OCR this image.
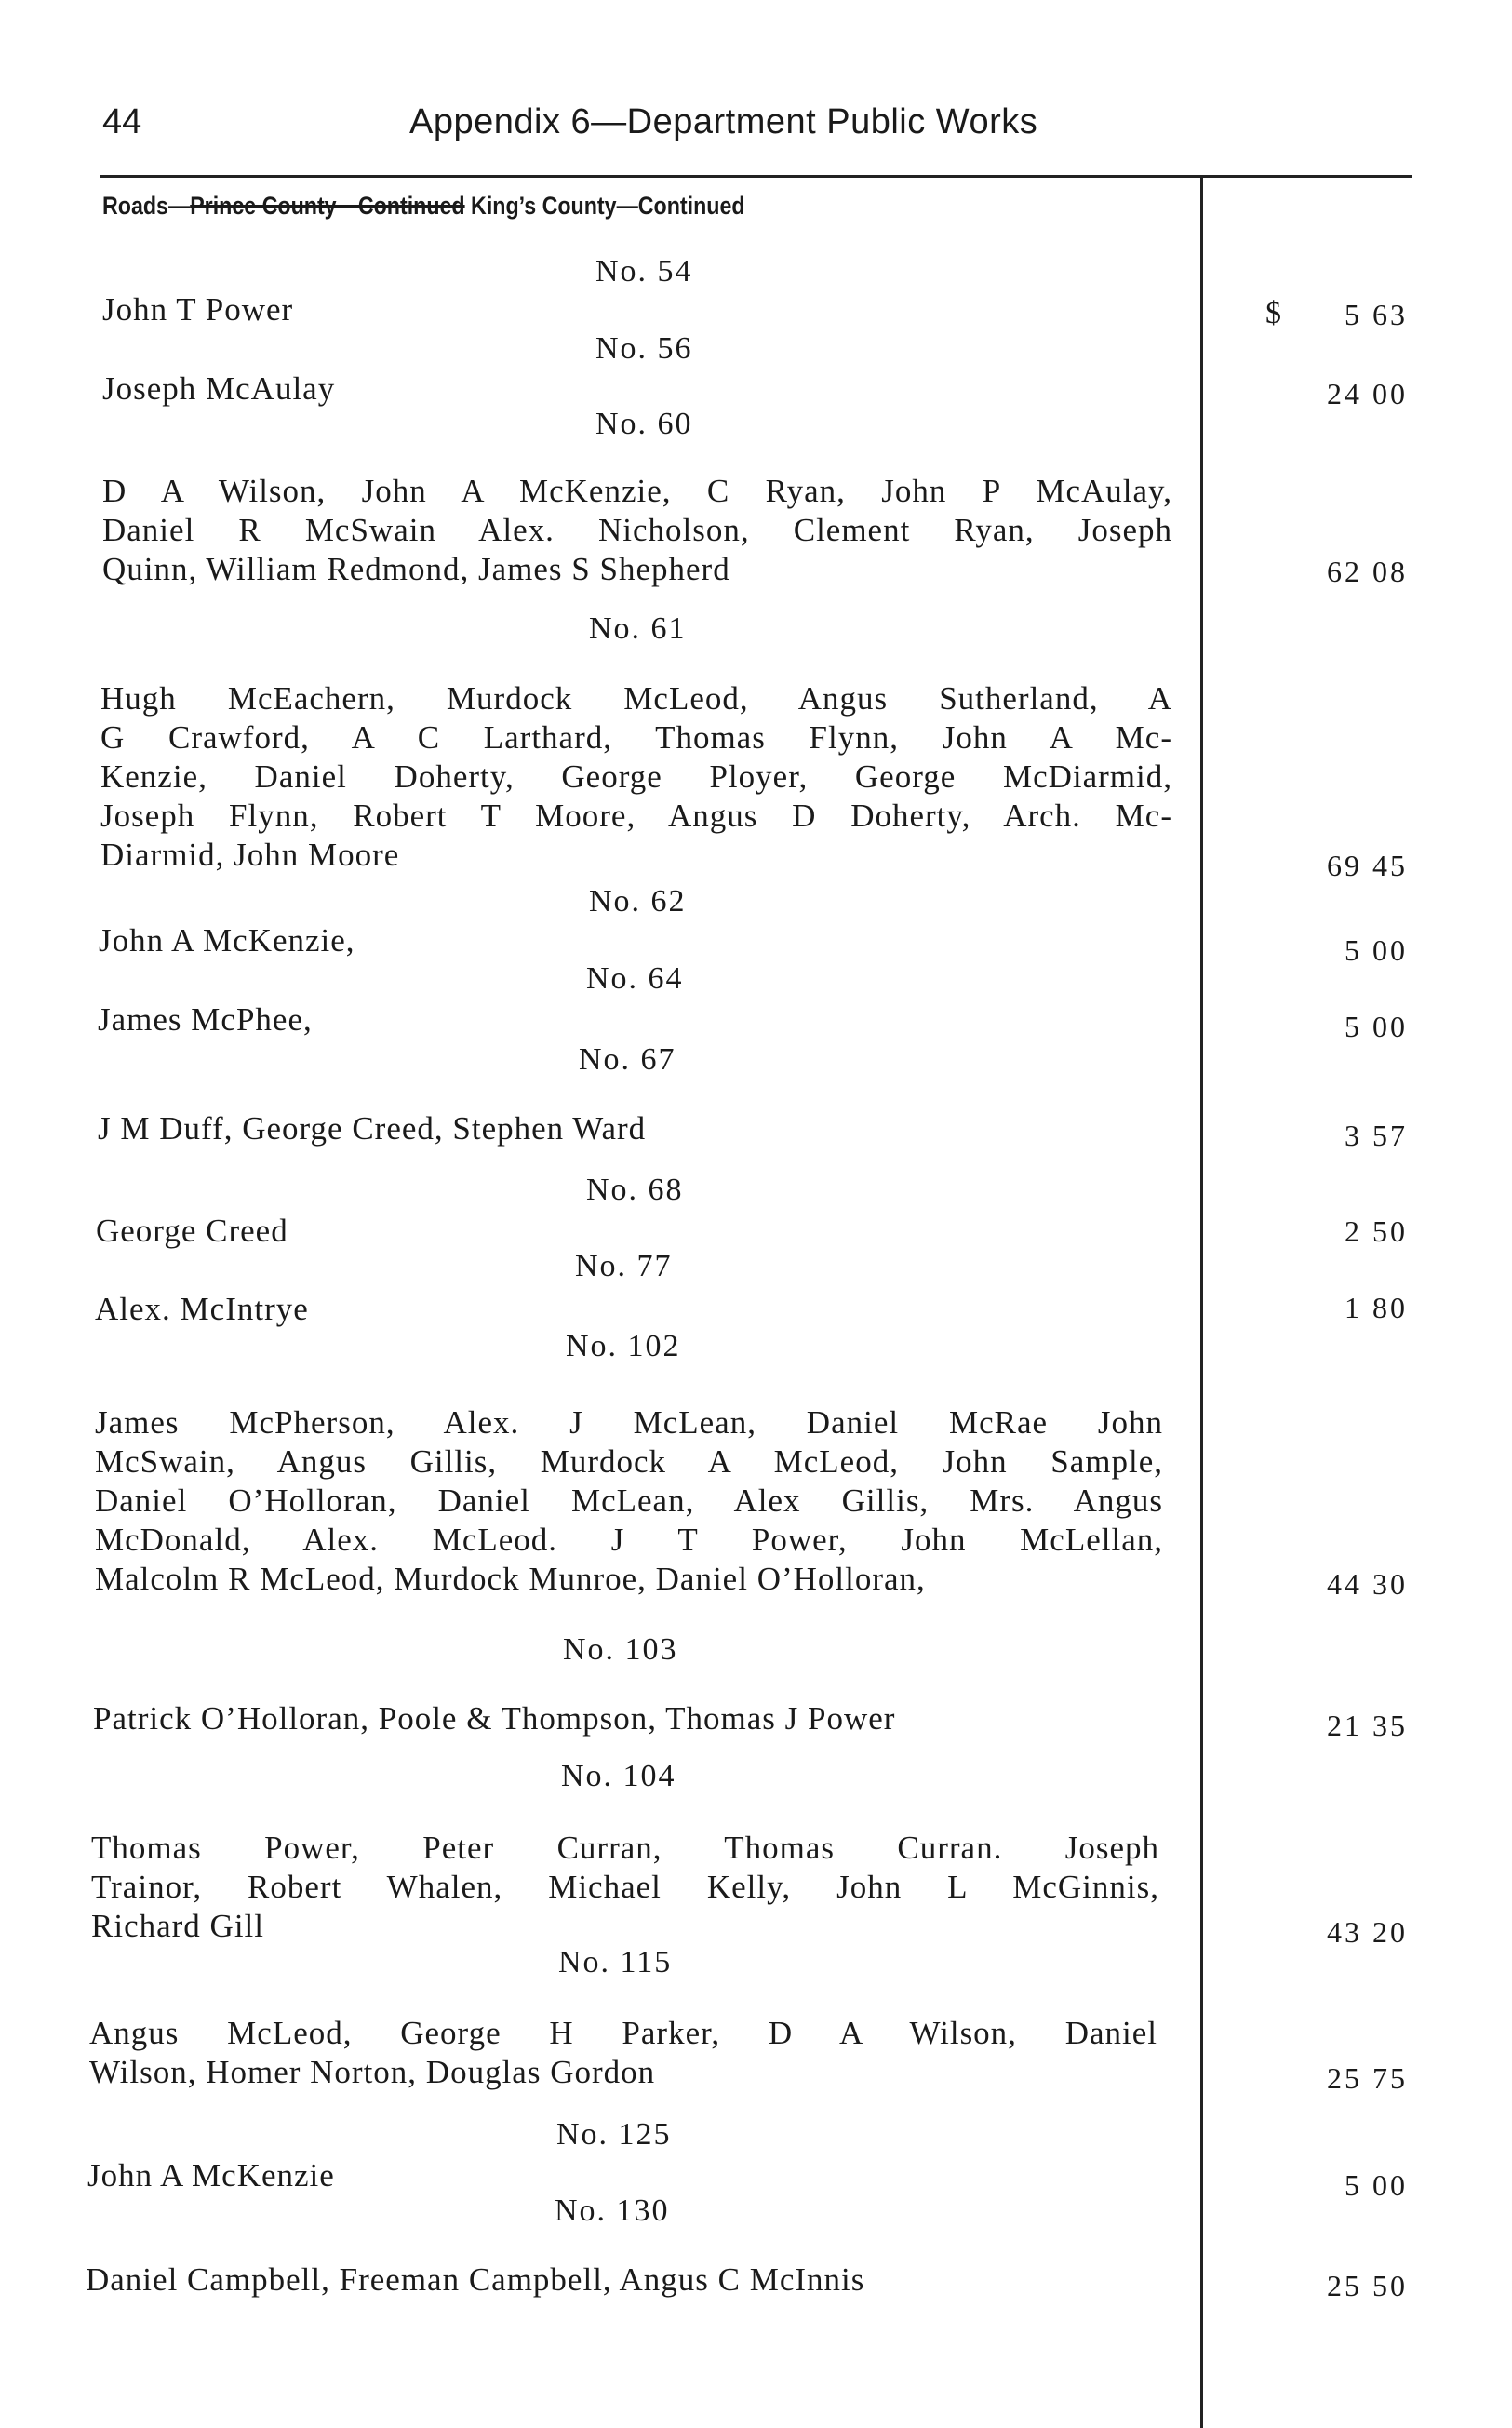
44	Appendix 6—Department Public Works
Roads—Prince County—Continued King’s County—Continued
$
No. 54
John T Power	5 63
No. 56
Joseph McAulay	24 00
No. 60
D A Wilson, John A McKenzie, C Ryan, John P McAulay,
Daniel R McSwain Alex. Nicholson, Clement Ryan, Joseph
Quinn, William Redmond, James S Shepherd	62 08
No. 61
Hugh McEachern, Murdock McLeod, Angus Sutherland, A
G Crawford, A C Larthard, Thomas Flynn, John A Mc-
Kenzie, Daniel Doherty, George Ployer, George McDiarmid,
Joseph Flynn, Robert T Moore, Angus D Doherty, Arch. Mc-
Diarmid, John Moore	69 45
No. 62
John A McKenzie,	5 00
No. 64
James McPhee,	5 00
No. 67
J M Duff, George Creed, Stephen Ward	3 57
No. 68
George Creed	2 50
No. 77
Alex. McIntrye	1 80
No. 102
James McPherson, Alex. J McLean, Daniel McRae John
McSwain, Angus Gillis, Murdock A McLeod, John Sample,
Daniel O’Holloran, Daniel McLean, Alex Gillis, Mrs. Angus
McDonald, Alex. McLeod. J T Power, John McLellan,
Malcolm R McLeod, Murdock Munroe, Daniel O’Holloran,	44 30
No. 103
Patrick O’Holloran, Poole & Thompson, Thomas J Power	21 35
No. 104
Thomas Power, Peter Curran, Thomas Curran. Joseph
Trainor, Robert Whalen, Michael Kelly, John L McGinnis,
Richard Gill	43 20
No. 115
Angus McLeod, George H Parker, D A Wilson, Daniel
Wilson, Homer Norton, Douglas Gordon	25 75
No. 125
John A McKenzie	5 00
No. 130
Daniel Campbell, Freeman Campbell, Angus C McInnis	25 50
